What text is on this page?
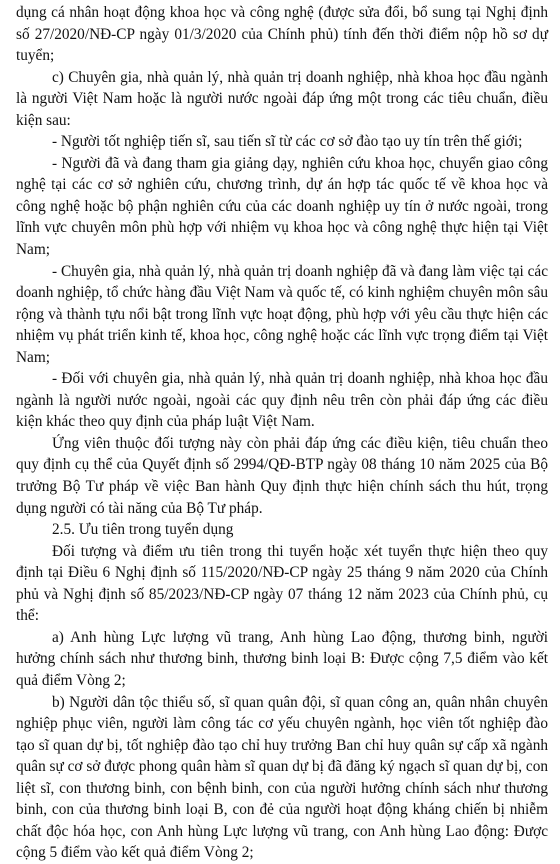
dụng cá nhân hoạt động khoa học và công nghệ (được sửa đổi, bổ sung tại Nghị định số 27/2020/NĐ-CP ngày 01/3/2020 của Chính phủ) tính đến thời điểm nộp hồ sơ dự tuyển;

c) Chuyên gia, nhà quản lý, nhà quản trị doanh nghiệp, nhà khoa học đầu ngành là người Việt Nam hoặc là người nước ngoài đáp ứng một trong các tiêu chuẩn, điều kiện sau:

- Người tốt nghiệp tiến sĩ, sau tiến sĩ từ các cơ sở đào tạo uy tín trên thế giới;

- Người đã và đang tham gia giảng dạy, nghiên cứu khoa học, chuyển giao công nghệ tại các cơ sở nghiên cứu, chương trình, dự án hợp tác quốc tế về khoa học và công nghệ hoặc bộ phận nghiên cứu của các doanh nghiệp uy tín ở nước ngoài, trong lĩnh vực chuyên môn phù hợp với nhiệm vụ khoa học và công nghệ thực hiện tại Việt Nam;

- Chuyên gia, nhà quản lý, nhà quản trị doanh nghiệp đã và đang làm việc tại các doanh nghiệp, tổ chức hàng đầu Việt Nam và quốc tế, có kinh nghiệm chuyên môn sâu rộng và thành tựu nổi bật trong lĩnh vực hoạt động, phù hợp với yêu cầu thực hiện các nhiệm vụ phát triển kinh tế, khoa học, công nghệ hoặc các lĩnh vực trọng điểm tại Việt Nam;

- Đối với chuyên gia, nhà quản lý, nhà quản trị doanh nghiệp, nhà khoa học đầu ngành là người nước ngoài, ngoài các quy định nêu trên còn phải đáp ứng các điều kiện khác theo quy định của pháp luật Việt Nam.

Ứng viên thuộc đối tượng này còn phải đáp ứng các điều kiện, tiêu chuẩn theo quy định cụ thể của Quyết định số 2994/QĐ-BTP ngày 08 tháng 10 năm 2025 của Bộ trưởng Bộ Tư pháp về việc Ban hành Quy định thực hiện chính sách thu hút, trọng dụng người có tài năng của Bộ Tư pháp.

2.5. Ưu tiên trong tuyển dụng

Đối tượng và điểm ưu tiên trong thi tuyển hoặc xét tuyển thực hiện theo quy định tại Điều 6 Nghị định số 115/2020/NĐ-CP ngày 25 tháng 9 năm 2020 của Chính phủ và Nghị định số 85/2023/NĐ-CP ngày 07 tháng 12 năm 2023 của Chính phủ, cụ thể:

a) Anh hùng Lực lượng vũ trang, Anh hùng Lao động, thương binh, người hưởng chính sách như thương binh, thương binh loại B: Được cộng 7,5 điểm vào kết quả điểm Vòng 2;

b) Người dân tộc thiểu số, sĩ quan quân đội, sĩ quan công an, quân nhân chuyên nghiệp phục viên, người làm công tác cơ yếu chuyên ngành, học viên tốt nghiệp đào tạo sĩ quan dự bị, tốt nghiệp đào tạo chỉ huy trưởng Ban chỉ huy quân sự cấp xã ngành quân sự cơ sở được phong quân hàm sĩ quan dự bị đã đăng ký ngạch sĩ quan dự bị, con liệt sĩ, con thương binh, con bệnh binh, con của người hưởng chính sách như thương binh, con của thương binh loại B, con đẻ của người hoạt động kháng chiến bị nhiễm chất độc hóa học, con Anh hùng Lực lượng vũ trang, con Anh hùng Lao động: Được cộng 5 điểm vào kết quả điểm Vòng 2;
